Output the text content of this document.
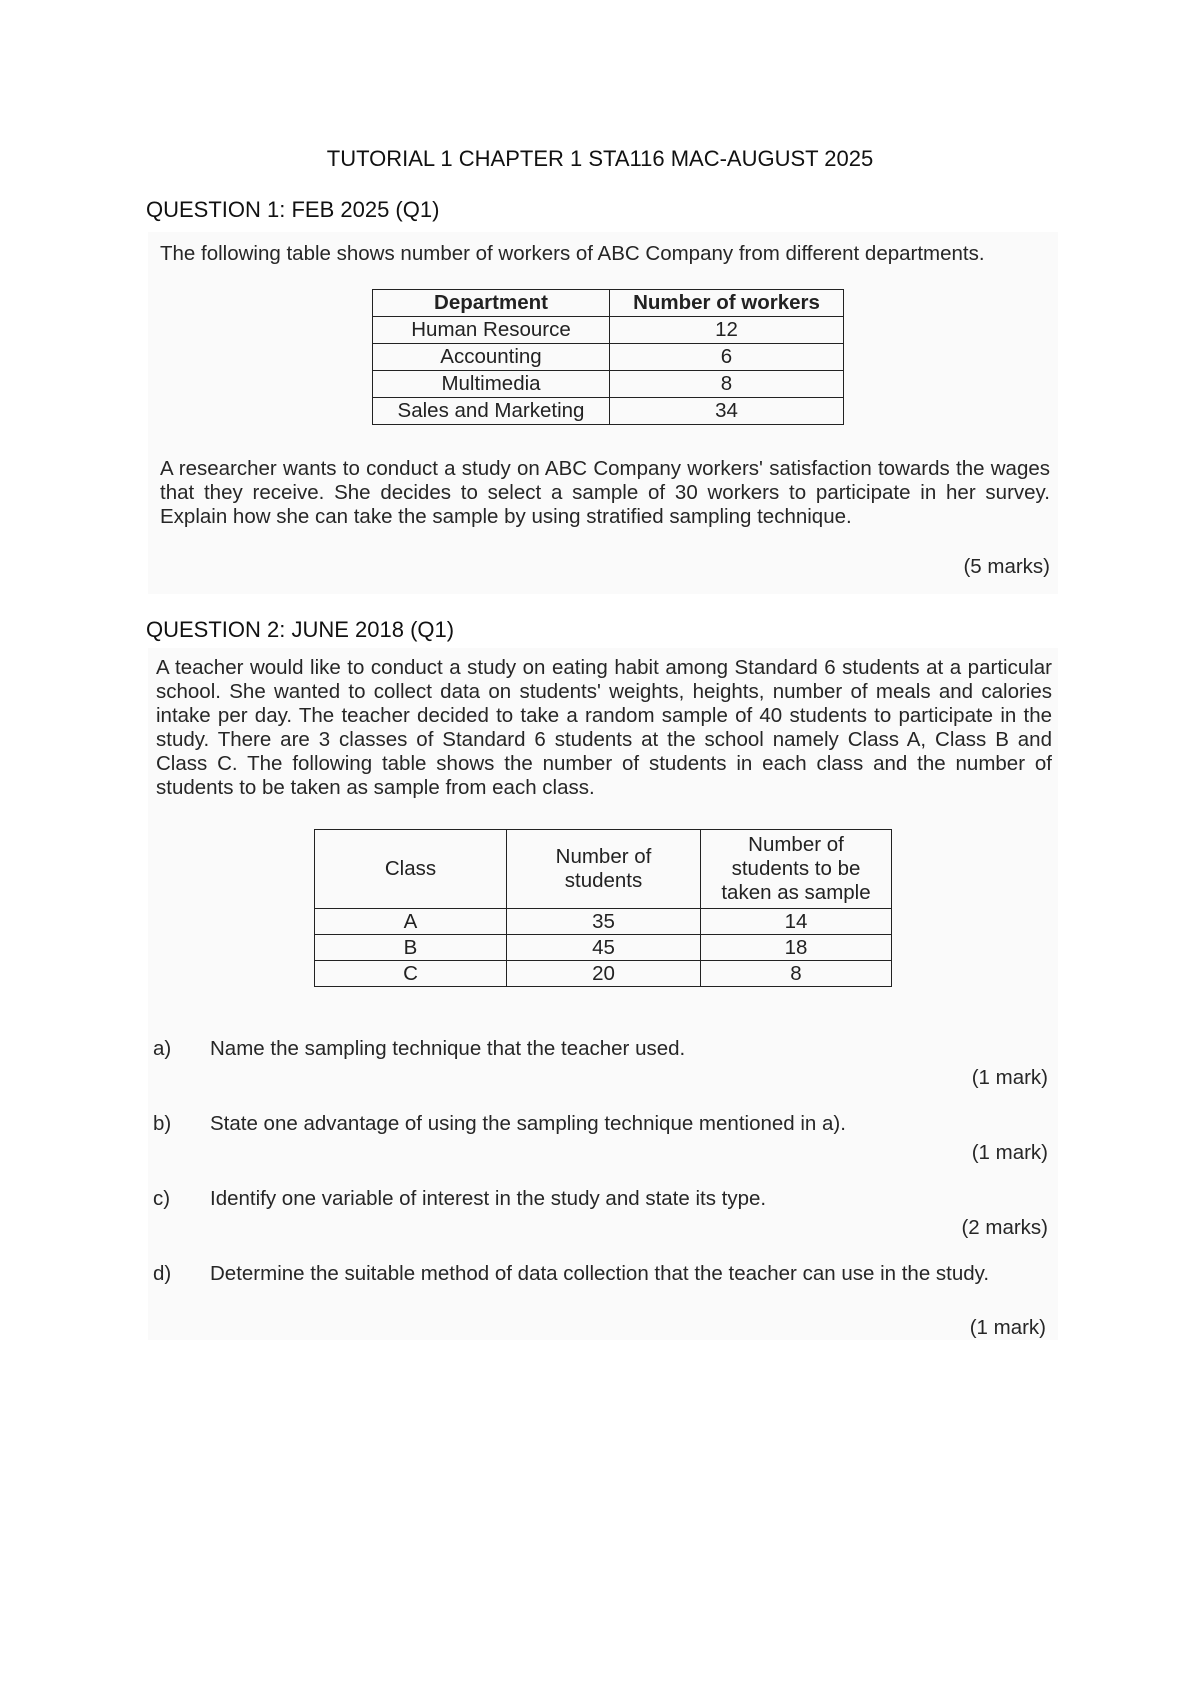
TUTORIAL 1 CHAPTER 1 STA116 MAC-AUGUST 2025
QUESTION 1: FEB 2025 (Q1)
The following table shows number of workers of ABC Company from different departments.
Department	Number of workers
Human Resource	12
Accounting	6
Multimedia	8
Sales and Marketing	34
A researcher wants to conduct a study on ABC Company workers' satisfaction towards the wages that they receive. She decides to select a sample of 30 workers to participate in her survey. Explain how she can take the sample by using stratified sampling technique.
(5 marks)
QUESTION 2: JUNE 2018 (Q1)
A teacher would like to conduct a study on eating habit among Standard 6 students at a particular school. She wanted to collect data on students' weights, heights, number of meals and calories intake per day. The teacher decided to take a random sample of 40 students to participate in the study. There are 3 classes of Standard 6 students at the school namely Class A, Class B and Class C. The following table shows the number of students in each class and the number of students to be taken as sample from each class.
Class	Number of students	Number of students to be taken as sample
A	35	14
B	45	18
C	20	8
a) Name the sampling technique that the teacher used.
(1 mark)
b) State one advantage of using the sampling technique mentioned in a).
(1 mark)
c) Identify one variable of interest in the study and state its type.
(2 marks)
d) Determine the suitable method of data collection that the teacher can use in the study.
(1 mark)
